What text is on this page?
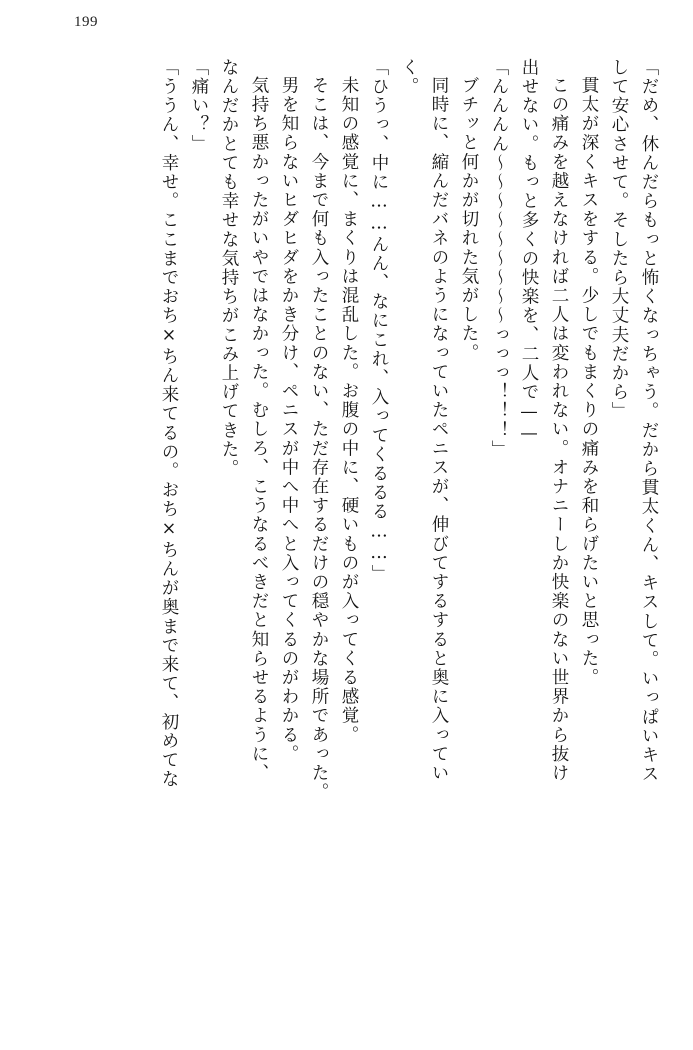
199
「だめ、休んだらもっと怖くなっちゃう。だから貫太くん、キスして。いっぱいキス
して安心させて。そしたら大丈夫だから」
貫太が深くキスをする。少しでもまくりの痛みを和らげたいと思った。
この痛みを越えなければ二人は変われない。オナニーしか快楽のない世界から抜け
出せない。もっと多くの快楽を、二人で——
「んんんん～～～～～～～～～っっっ！！！」
ブチッと何かが切れた気がした。
同時に、縮んだバネのようになっていたペニスが、伸びてするすると奥に入ってい
く。
「ひうっ、中に……んん、なにこれ、入ってくるるる……」
未知の感覚に、まくりは混乱した。お腹の中に、硬いものが入ってくる感覚。
そこは、今まで何も入ったことのない、ただ存在するだけの穏やかな場所であった。
男を知らないヒダヒダをかき分け、ペニスが中へ中へと入ってくるのがわかる。
気持ち悪かったがいやではなかった。むしろ、こうなるべきだと知らせるように、
なんだかとても幸せな気持ちがこみ上げてきた。
「痛い？」
「ううん、幸せ。ここまでおち×ちん来てるの。おち×ちんが奥まで来て、初めてな
